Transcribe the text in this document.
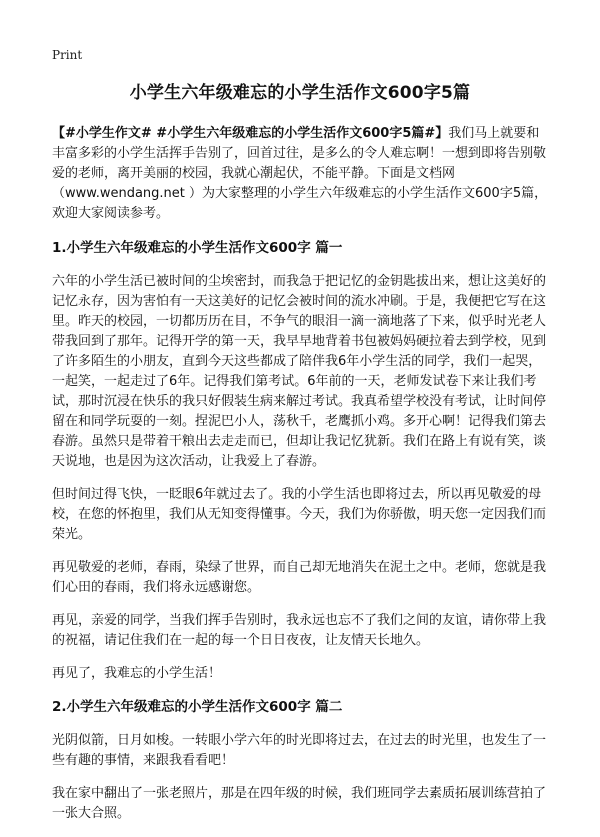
Print
小学生六年级难忘的小学生活作文600字5篇

【#小学生作文# #小学生六年级难忘的小学生活作文600字5篇#】我们马上就要和丰富多彩的小学生活挥手告别了，回首过往，是多么的令人难忘啊！一想到即将告别敬爱的老师，离开美丽的校园，我就心潮起伏，不能平静。下面是文档网（www.wendang.net ）为大家整理的小学生六年级难忘的小学生活作文600字5篇，欢迎大家阅读参考。

1.小学生六年级难忘的小学生活作文600字 篇一

六年的小学生活已被时间的尘埃密封，而我急于把记忆的金钥匙拔出来，想让这美好的记忆永存，因为害怕有一天这美好的记忆会被时间的流水冲刷。于是，我便把它写在这里。昨天的校园，一切都历历在目，不争气的眼泪一滴一滴地落了下来，似乎时光老人带我回到了那年。记得开学的第一天，我早早地背着书包被妈妈硬拉着去到学校，见到了许多陌生的小朋友，直到今天这些都成了陪伴我6年小学生活的同学，我们一起哭，一起笑，一起走过了6年。记得我们第考试。6年前的一天，老师发试卷下来让我们考试，那时沉浸在快乐的我只好假装生病来解过考试。我真希望学校没有考试，让时间停留在和同学玩耍的一刻。捏泥巴小人，荡秋千，老鹰抓小鸡。多开心啊！记得我们第去春游。虽然只是带着干粮出去走走而已，但却让我记忆犹新。我们在路上有说有笑，谈天说地，也是因为这次活动，让我爱上了春游。

但时间过得飞快，一眨眼6年就过去了。我的小学生活也即将过去，所以再见敬爱的母校，在您的怀抱里，我们从无知变得懂事。今天，我们为你骄傲，明天您一定因我们而荣光。

再见敬爱的老师，春雨，染绿了世界，而自己却无地消失在泥土之中。老师，您就是我们心田的春雨，我们将永远感谢您。

再见，亲爱的同学，当我们挥手告别时，我永远也忘不了我们之间的友谊，请你带上我的祝福，请记住我们在一起的每一个日日夜夜，让友情天长地久。

再见了，我难忘的小学生活！

2.小学生六年级难忘的小学生活作文600字 篇二

光阴似箭，日月如梭。一转眼小学六年的时光即将过去，在过去的时光里，也发生了一些有趣的事情，来跟我看看吧！

我在家中翻出了一张老照片，那是在四年级的时候，我们班同学去素质拓展训练营拍了一张大合照。
